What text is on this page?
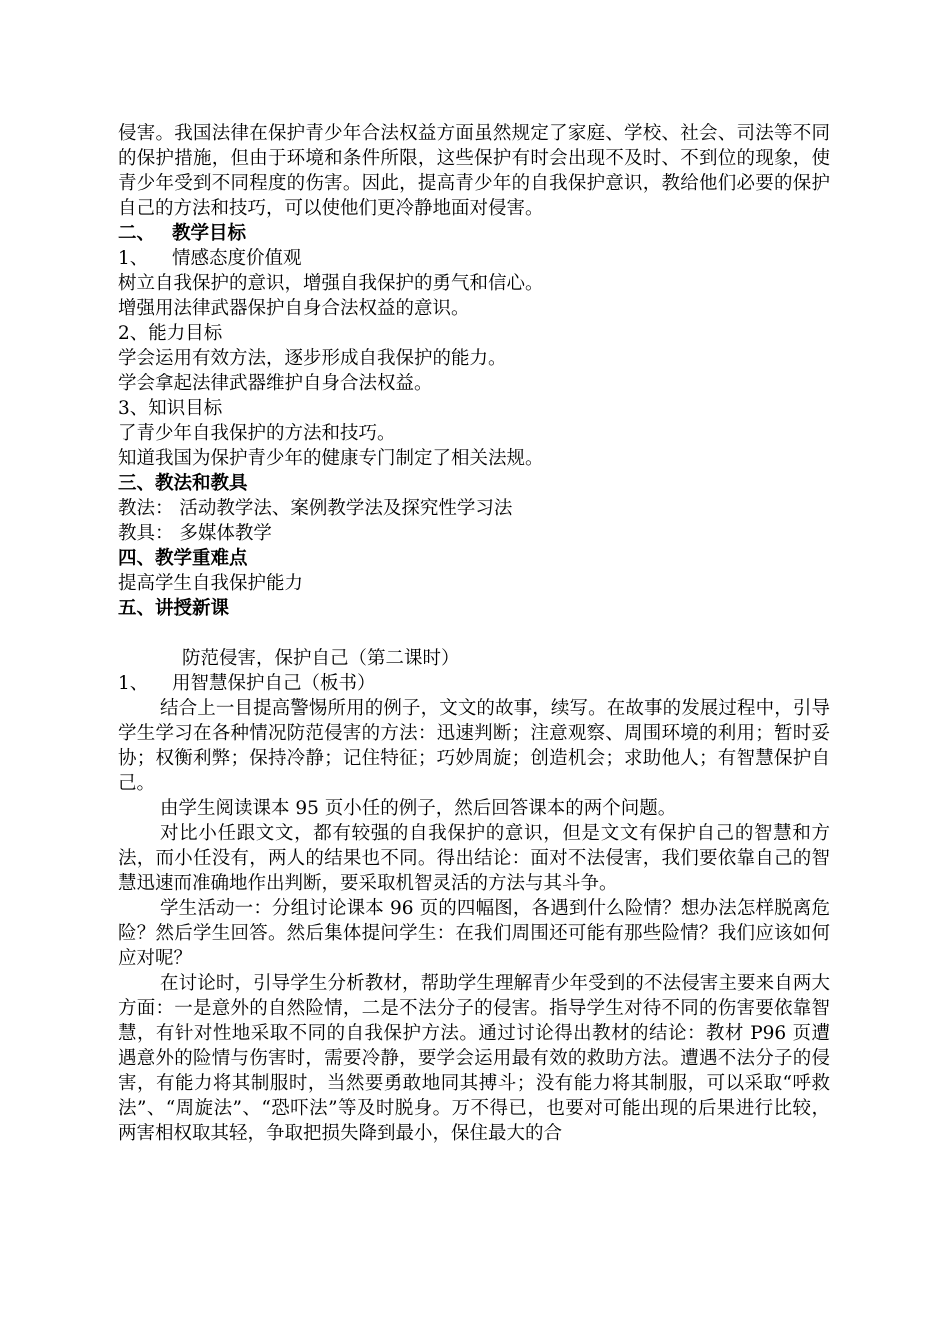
侵害。我国法律在保护青少年合法权益方面虽然规定了家庭、学校、社会、司法等不同的保护措施，但由于环境和条件所限，这些保护有时会出现不及时、不到位的现象，使青少年受到不同程度的伤害。因此，提高青少年的自我保护意识，教给他们必要的保护自己的方法和技巧，可以使他们更冷静地面对侵害。

二、 教学目标

1、 情感态度价值观

树立自我保护的意识，增强自我保护的勇气和信心。

增强用法律武器保护自身合法权益的意识。

2、能力目标

学会运用有效方法，逐步形成自我保护的能力。

学会拿起法律武器维护自身合法权益。

3、知识目标

了青少年自我保护的方法和技巧。

知道我国为保护青少年的健康专门制定了相关法规。

三、教法和教具

教法： 活动教学法、案例教学法及探究性学习法

教具： 多媒体教学

四、教学重难点

提高学生自我保护能力

五、讲授新课

防范侵害，保护自己（第二课时）

1、 用智慧保护自己（板书）

结合上一目提高警惕所用的例子，文文的故事，续写。在故事的发展过程中，引导学生学习在各种情况防范侵害的方法：迅速判断；注意观察、周围环境的利用；暂时妥协；权衡利弊；保持冷静；记住特征；巧妙周旋；创造机会；求助他人；有智慧保护自己。

由学生阅读课本 95 页小任的例子，然后回答课本的两个问题。

对比小任跟文文，都有较强的自我保护的意识，但是文文有保护自己的智慧和方法，而小任没有，两人的结果也不同。得出结论：面对不法侵害，我们要依靠自己的智慧迅速而准确地作出判断，要采取机智灵活的方法与其斗争。

学生活动一：分组讨论课本 96 页的四幅图，各遇到什么险情？想办法怎样脱离危险？然后学生回答。然后集体提问学生：在我们周围还可能有那些险情？我们应该如何应对呢？

在讨论时，引导学生分析教材，帮助学生理解青少年受到的不法侵害主要来自两大方面：一是意外的自然险情，二是不法分子的侵害。指导学生对待不同的伤害要依靠智慧，有针对性地采取不同的自我保护方法。通过讨论得出教材的结论：教材 P96 页遭遇意外的险情与伤害时，需要冷静，要学会运用最有效的救助方法。遭遇不法分子的侵害，有能力将其制服时，当然要勇敢地同其搏斗；没有能力将其制服，可以采取“呼救法”、“周旋法”、“恐吓法”等及时脱身。万不得已，也要对可能出现的后果进行比较，两害相权取其轻，争取把损失降到最小，保住最大的合
